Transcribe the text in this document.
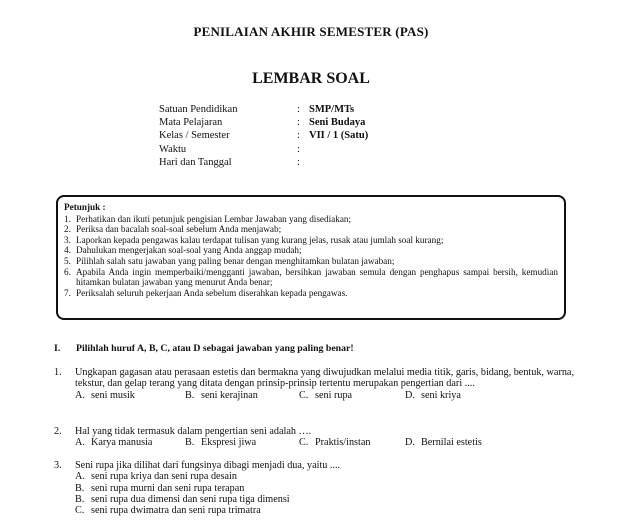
PENILAIAN AKHIR SEMESTER (PAS)
LEMBAR SOAL
Satuan Pendidikan	: SMP/MTs
Mata Pelajaran	: Seni Budaya
Kelas / Semester	: VII / 1 (Satu)
Waktu	:
Hari dan Tanggal	:
Petunjuk :
1. Perhatikan dan ikuti petunjuk pengisian Lembar Jawaban yang disediakan;
2. Periksa dan bacalah soal-soal sebelum Anda menjawab;
3. Laporkan kepada pengawas kalau terdapat tulisan yang kurang jelas, rusak atau jumlah soal kurang;
4. Dahulukan mengerjakan soal-soal yang Anda anggap mudah;
5. Pilihlah salah satu jawaban yang paling benar dengan menghitamkan bulatan jawaban;
6. Apabila Anda ingin memperbaiki/mengganti jawaban, bersihkan jawaban semula dengan penghapus sampai bersih, kemudian hitamkan bulatan jawaban yang menurut Anda benar;
7. Periksalah seluruh pekerjaan Anda sebelum diserahkan kepada pengawas.
I.	Pilihlah huruf A, B, C, atau D sebagai jawaban yang paling benar!
1.	Ungkapan gagasan atau perasaan estetis dan bermakna yang diwujudkan melalui media titik, garis, bidang, bentuk, warna, tekstur, dan gelap terang yang ditata dengan prinsip-prinsip tertentu merupakan pengertian dari ....
A. seni musik	B. seni kerajinan	C. seni rupa	D. seni kriya
2.	Hal yang tidak termasuk dalam pengertian seni adalah ….
A. Karya manusia	B. Ekspresi jiwa	C. Praktis/instan	D. Bernilai estetis
3.	Seni rupa jika dilihat dari fungsinya dibagi menjadi dua, yaitu ....
A. seni rupa kriya dan seni rupa desain
B. seni rupa murni dan seni rupa terapan
B. seni rupa dua dimensi dan seni rupa tiga dimensi
C. seni rupa dwimatra dan seni rupa trimatra
